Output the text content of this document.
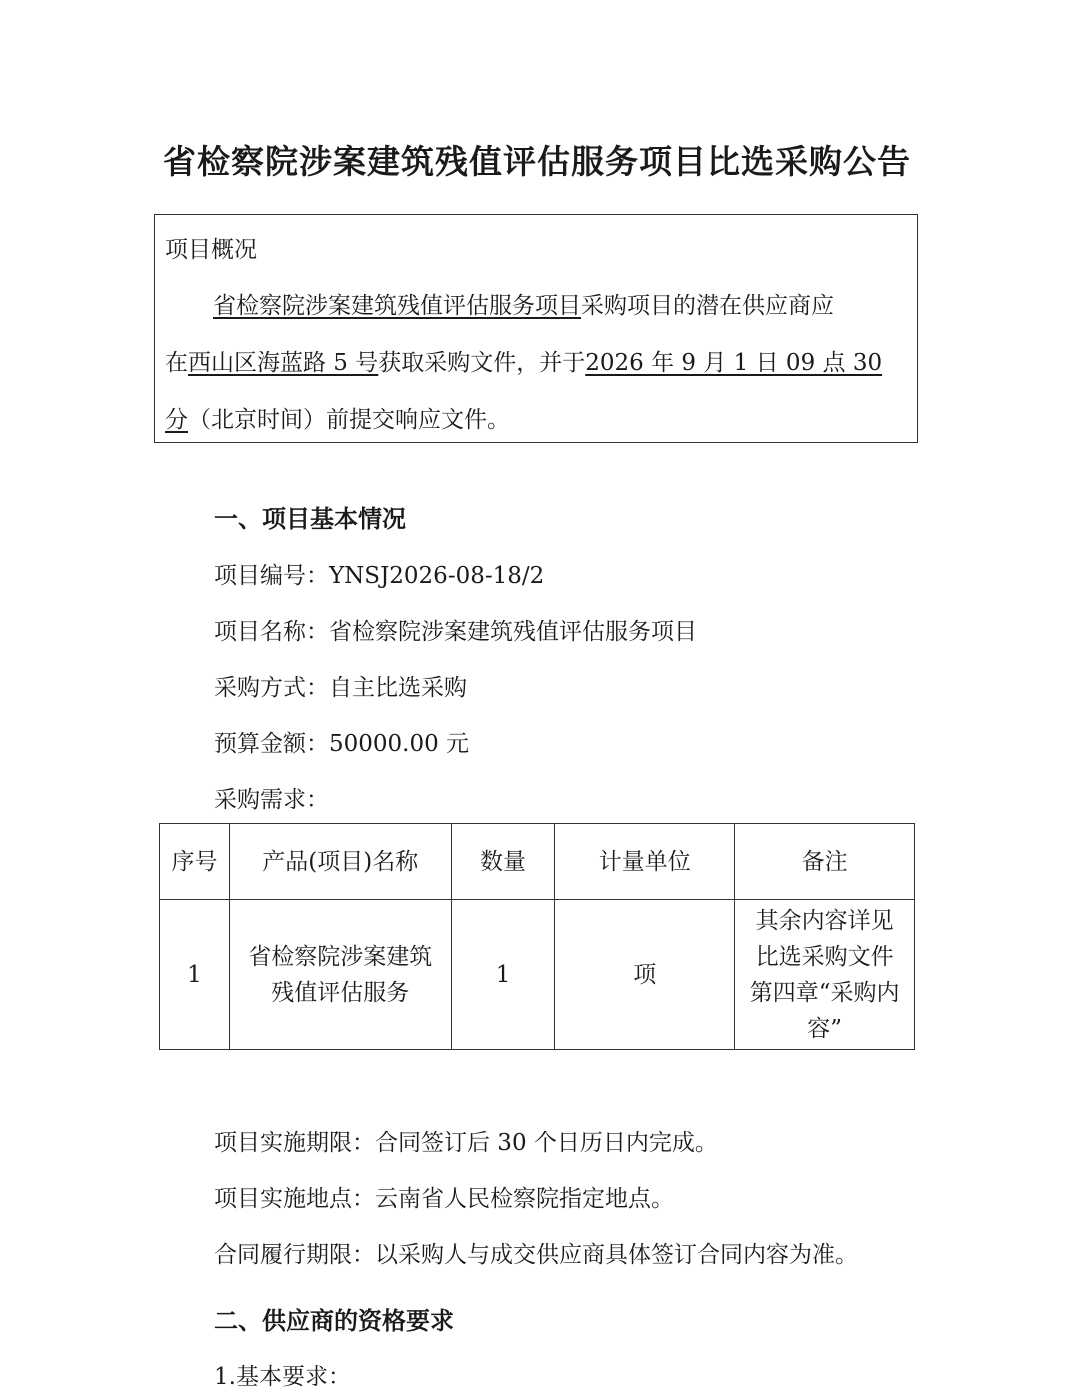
省检察院涉案建筑残值评估服务项目比选采购公告
项目概况
省检察院涉案建筑残值评估服务项目采购项目的潜在供应商应
在西山区海蓝路 5 号获取采购文件，并于2026 年 9 月 1 日 09 点 30
分（北京时间）前提交响应文件。
一、项目基本情况
项目编号：YNSJ2026-08-18/2
项目名称：省检察院涉案建筑残值评估服务项目
采购方式：自主比选采购
预算金额：50000.00 元
采购需求：
序号	产品(项目)名称	数量	计量单位	备注
1	省检察院涉案建筑残值评估服务	1	项	其余内容详见比选采购文件第四章“采购内容”
项目实施期限：合同签订后 30 个日历日内完成。
项目实施地点：云南省人民检察院指定地点。
合同履行期限：以采购人与成交供应商具体签订合同内容为准。
二、供应商的资格要求
1.基本要求：
